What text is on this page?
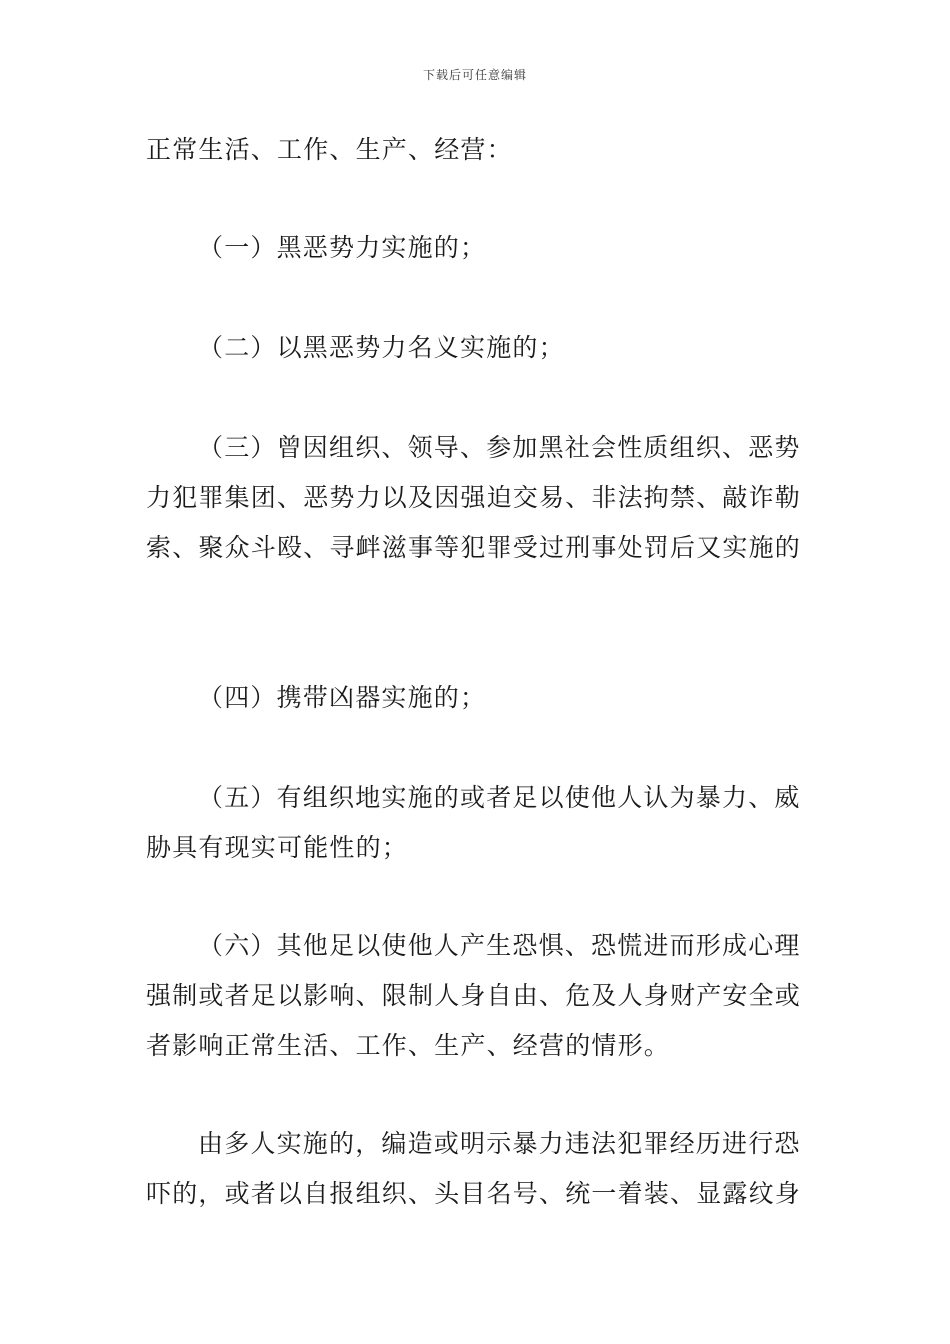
下载后可任意编辑
正常生活、工作、生产、经营：
（一）黑恶势力实施的；
（二）以黑恶势力名义实施的；
（三）曾因组织、领导、参加黑社会性质组织、恶势
力犯罪集团、恶势力以及因强迫交易、非法拘禁、敲诈勒
索、聚众斗殴、寻衅滋事等犯罪受过刑事处罚后又实施的
（四）携带凶器实施的；
（五）有组织地实施的或者足以使他人认为暴力、威
胁具有现实可能性的；
（六）其他足以使他人产生恐惧、恐慌进而形成心理
强制或者足以影响、限制人身自由、危及人身财产安全或
者影响正常生活、工作、生产、经营的情形。
由多人实施的，编造或明示暴力违法犯罪经历进行恐
吓的，或者以自报组织、头目名号、统一着装、显露纹身
